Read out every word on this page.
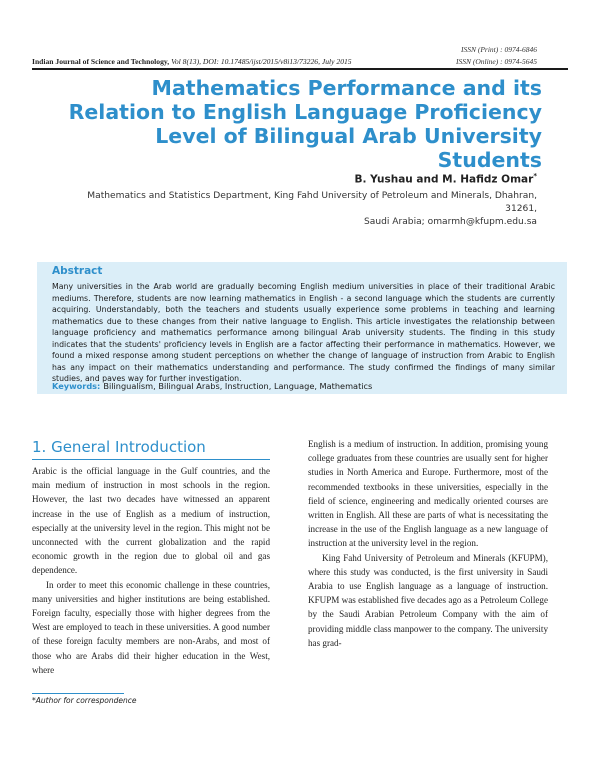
ISSN (Print) : 0974-6846
ISSN (Online) : 0974-5645
Indian Journal of Science and Technology, Vol 8(13), DOI: 10.17485/ijst/2015/v8i13/73226, July 2015
Mathematics Performance and its Relation to English Language Proficiency Level of Bilingual Arab University Students
B. Yushau and M. Hafidz Omar*
Mathematics and Statistics Department, King Fahd University of Petroleum and Minerals, Dhahran, 31261,
Saudi Arabia; omarmh@kfupm.edu.sa
Abstract
Many universities in the Arab world are gradually becoming English medium universities in place of their traditional Arabic mediums. Therefore, students are now learning mathematics in English - a second language which the students are currently acquiring. Understandably, both the teachers and students usually experience some problems in teaching and learning mathematics due to these changes from their native language to English. This article investigates the relationship between language proficiency and mathematics performance among bilingual Arab university students. The finding in this study indicates that the students' proficiency levels in English are a factor affecting their performance in mathematics. However, we found a mixed response among student perceptions on whether the change of language of instruction from Arabic to English has any impact on their mathematics understanding and performance. The study confirmed the findings of many similar studies, and paves way for further investigation.
Keywords: Bilingualism, Bilingual Arabs, Instruction, Language, Mathematics
1. General Introduction

Arabic is the official language in the Gulf countries, and the main medium of instruction in most schools in the region. However, the last two decades have witnessed an apparent increase in the use of English as a medium of instruction, especially at the university level in the region. This might not be unconnected with the current globalization and the rapid economic growth in the region due to global oil and gas dependence.

In order to meet this economic challenge in these countries, many universities and higher institutions are being established. Foreign faculty, especially those with higher degrees from the West are employed to teach in these universities. A good number of these foreign faculty members are non-Arabs, and most of those who are Arabs did their higher education in the West, where

English is a medium of instruction. In addition, promising young college graduates from these countries are usually sent for higher studies in North America and Europe. Furthermore, most of the recommended textbooks in these universities, especially in the field of science, engineering and medically oriented courses are written in English. All these are parts of what is necessitating the increase in the use of the English language as a new language of instruction at the university level in the region.

King Fahd University of Petroleum and Minerals (KFUPM), where this study was conducted, is the first university in Saudi Arabia to use English language as a language of instruction. KFUPM was established five decades ago as a Petroleum College by the Saudi Arabian Petroleum Company with the aim of providing middle class manpower to the company. The university has grad-

*Author for correspondence
